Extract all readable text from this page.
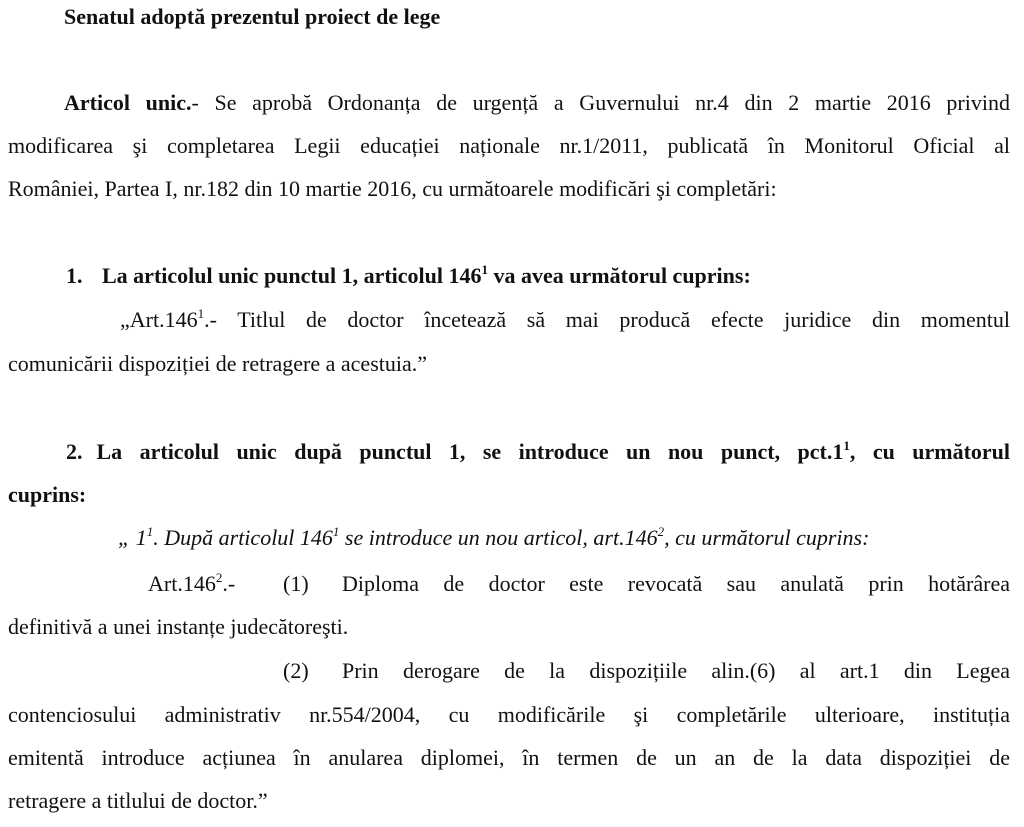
Senatul adoptă prezentul proiect de lege
Articol unic.- Se aprobă Ordonanța de urgență a Guvernului nr.4 din 2 martie 2016 privind
modificarea şi completarea Legii educației naționale nr.1/2011, publicată în Monitorul Oficial al
României, Partea I, nr.182 din 10 martie 2016, cu următoarele modificări şi completări:
1. La articolul unic punctul 1, articolul $146^1$ va avea următorul cuprins:
„Art.146$^1$.- Titlul de doctor încetează să mai producă efecte juridice din momentul
comunicării dispoziției de retragere a acestuia.”
2. La articolul unic după punctul 1, se introduce un nou punct, $pct.1^1$, cu următorul
cuprins:
„ $1^1$. După articolul $146^1$ se introduce un nou articol, art.146$^2$, cu următorul cuprins:
Art.146$^2$.- (1) Diploma de doctor este revocată sau anulată prin hotărârea
definitivă a unei instanțe judecătoreşti.
(2) Prin derogare de la dispozițiile alin.(6) al art.1 din Legea
contenciosului administrativ nr.554/2004, cu modificările şi completările ulterioare, instituția
emitentă introduce acțiunea în anularea diplomei, în termen de un an de la data dispoziției de
retragere a titlului de doctor.”
